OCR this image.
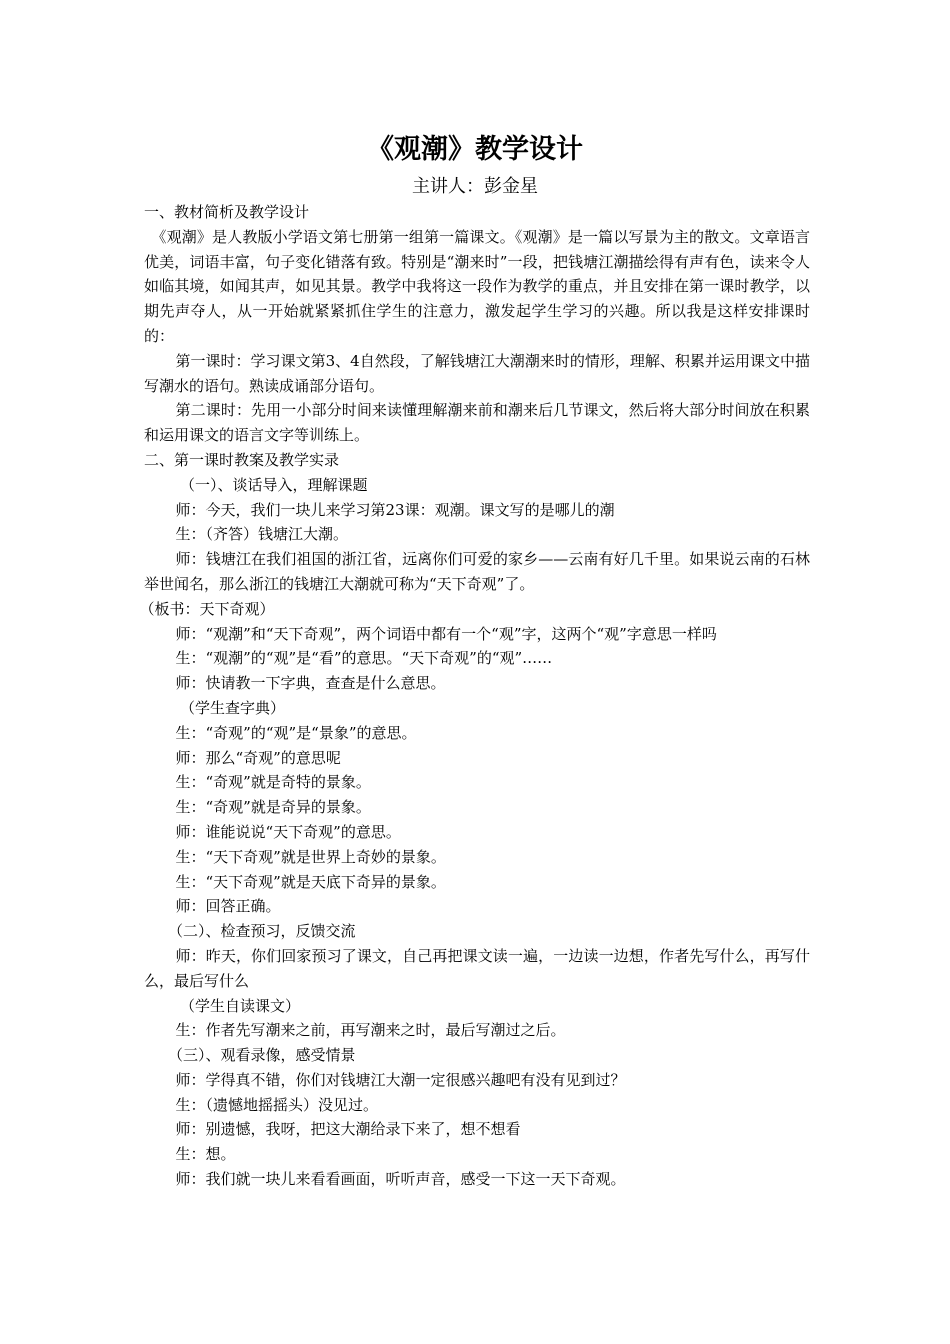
《观潮》教学设计
主讲人：彭金星

一、教材简析及教学设计

《观潮》是人教版小学语文第七册第一组第一篇课文。《观潮》是一篇以写景为主的散文。文章语言优美，词语丰富，句子变化错落有致。特别是“潮来时”一段，把钱塘江潮描绘得有声有色，读来令人如临其境，如闻其声，如见其景。教学中我将这一段作为教学的重点，并且安排在第一课时教学，以期先声夺人，从一开始就紧紧抓住学生的注意力，激发起学生学习的兴趣。所以我是这样安排课时的：

第一课时：学习课文第3、4自然段，了解钱塘江大潮潮来时的情形，理解、积累并运用课文中描写潮水的语句。熟读成诵部分语句。

第二课时：先用一小部分时间来读懂理解潮来前和潮来后几节课文，然后将大部分时间放在积累和运用课文的语言文字等训练上。

二、第一课时教案及教学实录

（一）、谈话导入，理解课题

师：今天，我们一块儿来学习第23课：观潮。课文写的是哪儿的潮

生：（齐答）钱塘江大潮。

师：钱塘江在我们祖国的浙江省，远离你们可爱的家乡——云南有好几千里。如果说云南的石林举世闻名，那么浙江的钱塘江大潮就可称为“天下奇观”了。

（板书：天下奇观）

师：“观潮”和“天下奇观”，两个词语中都有一个“观”字，这两个“观”字意思一样吗

生：“观潮”的“观”是“看”的意思。“天下奇观”的“观”……

师：快请教一下字典，查查是什么意思。

（学生查字典）

生：“奇观”的“观”是“景象”的意思。

师：那么“奇观”的意思呢

生：“奇观”就是奇特的景象。

生：“奇观”就是奇异的景象。

师：谁能说说“天下奇观”的意思。

生：“天下奇观”就是世界上奇妙的景象。

生：“天下奇观”就是天底下奇异的景象。

师：回答正确。

（二）、检查预习，反馈交流

师：昨天，你们回家预习了课文，自己再把课文读一遍，一边读一边想，作者先写什么，再写什么，最后写什么

（学生自读课文）

生：作者先写潮来之前，再写潮来之时，最后写潮过之后。

（三）、观看录像，感受情景

师：学得真不错，你们对钱塘江大潮一定很感兴趣吧有没有见到过？

生：（遗憾地摇摇头）没见过。

师：别遗憾，我呀，把这大潮给录下来了，想不想看

生：想。

师：我们就一块儿来看看画面，听听声音，感受一下这一天下奇观。
